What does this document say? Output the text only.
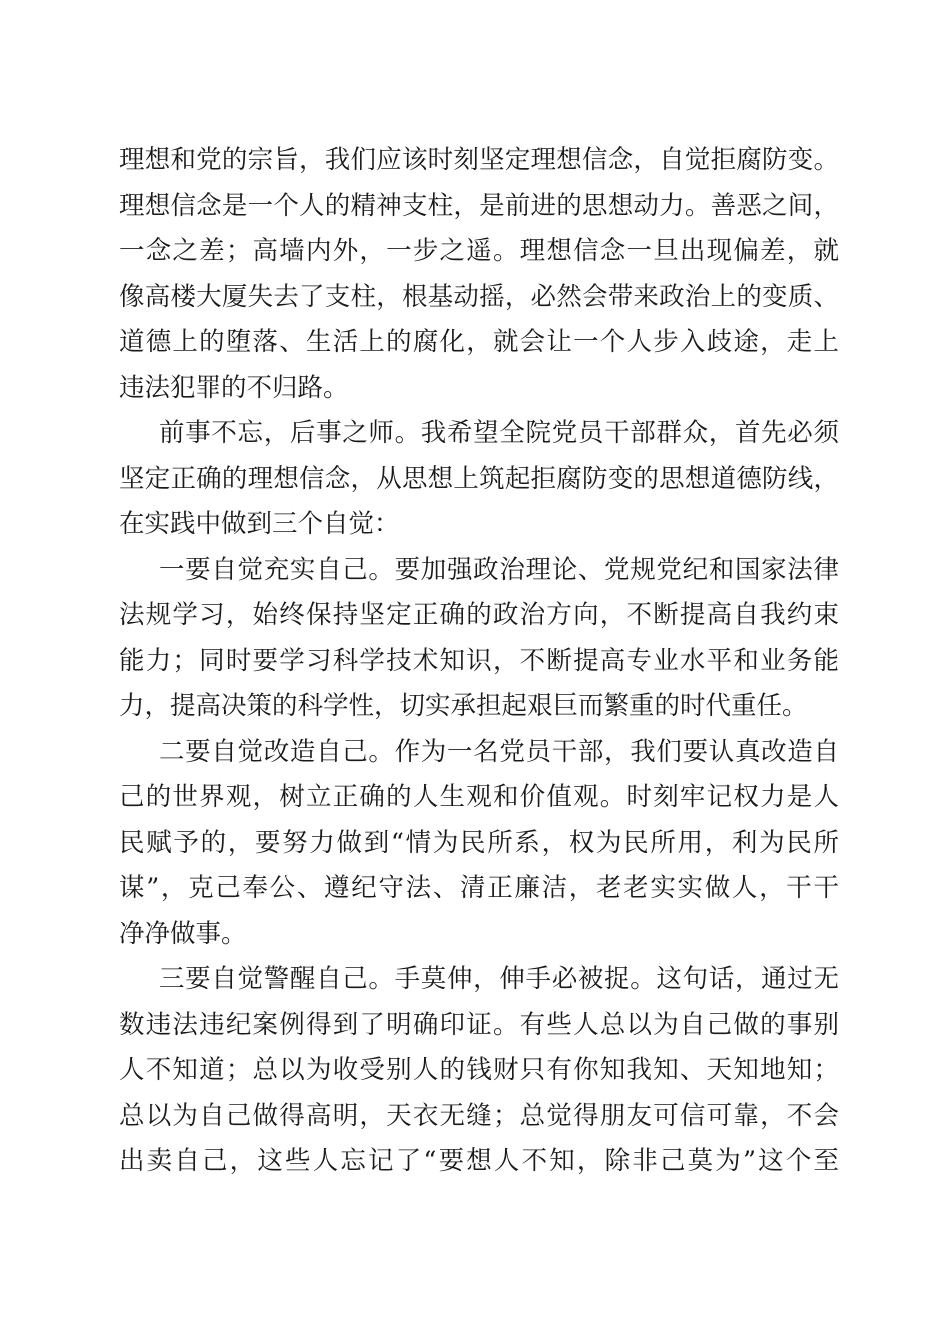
理想和党的宗旨，我们应该时刻坚定理想信念，自觉拒腐防变。
理想信念是一个人的精神支柱，是前进的思想动力。善恶之间，
一念之差；高墙内外，一步之遥。理想信念一旦出现偏差，就
像高楼大厦失去了支柱，根基动摇，必然会带来政治上的变质、
道德上的堕落、生活上的腐化，就会让一个人步入歧途，走上
违法犯罪的不归路。
前事不忘，后事之师。我希望全院党员干部群众，首先必须
坚定正确的理想信念，从思想上筑起拒腐防变的思想道德防线，
在实践中做到三个自觉：
一要自觉充实自己。要加强政治理论、党规党纪和国家法律
法规学习，始终保持坚定正确的政治方向，不断提高自我约束
能力；同时要学习科学技术知识，不断提高专业水平和业务能
力，提高决策的科学性，切实承担起艰巨而繁重的时代重任。
二要自觉改造自己。作为一名党员干部，我们要认真改造自
己的世界观，树立正确的人生观和价值观。时刻牢记权力是人
民赋予的，要努力做到“情为民所系，权为民所用，利为民所
谋”，克己奉公、遵纪守法、清正廉洁，老老实实做人，干干
净净做事。
三要自觉警醒自己。手莫伸，伸手必被捉。这句话，通过无
数违法违纪案例得到了明确印证。有些人总以为自己做的事别
人不知道；总以为收受别人的钱财只有你知我知、天知地知；
总以为自己做得高明，天衣无缝；总觉得朋友可信可靠，不会
出卖自己，这些人忘记了“要想人不知，除非己莫为”这个至
